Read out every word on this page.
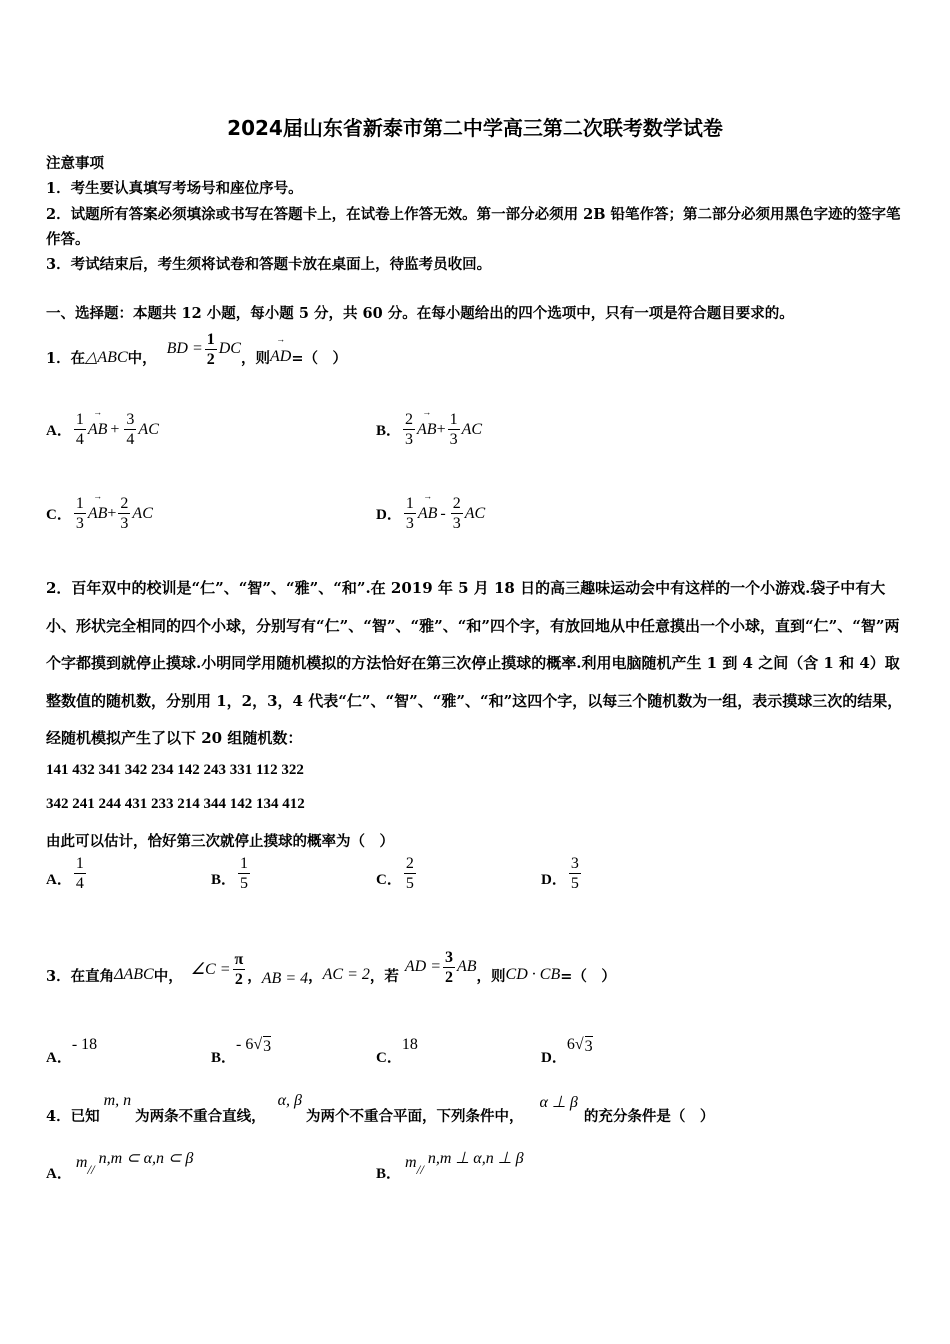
2024届山东省新泰市第二中学高三第二次联考数学试卷
注意事项
1．考生要认真填写考场号和座位序号。
2．试题所有答案必须填涂或书写在答题卡上，在试卷上作答无效。第一部分必须用 2B 铅笔作答；第二部分必须用黑色字迹的签字笔作答。
3．考试结束后，考生须将试卷和答题卡放在桌面上，待监考员收回。
一、选择题：本题共 12 小题，每小题 5 分，共 60 分。在每小题给出的四个选项中，只有一项是符合题目要求的。
1．在 △ABC 中，
BD = $\frac{1}{2}$ DC
，则 → AD =（　）
A． $\frac{1}{4}$ → AB + $\frac{3}{4}$ AC	B． $\frac{2}{3}$ → AB + $\frac{1}{3}$ AC
C． $\frac{1}{3}$ → AB + $\frac{2}{3}$ AC	D． $\frac{1}{3}$ → AB - $\frac{2}{3}$ AC
2．百年双中的校训是“仁”、“智”、“雅”、“和”.在 2019 年 5 月 18 日的高三趣味运动会中有这样的一个小游戏.袋子中有大小、形状完全相同的四个小球，分别写有“仁”、“智”、“雅”、“和”四个字，有放回地从中任意摸出一个小球，直到“仁”、“智”两个字都摸到就停止摸球.小明同学用随机模拟的方法恰好在第三次停止摸球的概率.利用电脑随机产生 1 到 4 之间（含 1 和 4）取整数值的随机数，分别用 1，2，3，4 代表“仁”、“智”、“雅”、“和”这四个字，以每三个随机数为一组，表示摸球三次的结果，经随机模拟产生了以下 20 组随机数：
141 432 341 342 234 142 243 331 112 322
342 241 244 431 233 214 344 142 134 412
由此可以估计，恰好第三次就停止摸球的概率为（　）
A． $\frac{1}{4}$	B． $\frac{1}{5}$	C． $\frac{2}{5}$	D． $\frac{3}{5}$
3．在直角 ΔABC 中， ∠C = $\frac{\pi}{2}$ ， AB = 4 ， AC = 2 ，若
AD = $\frac{3}{2}$ AB
，则 CD · CB =（　）
A．
- 18
B．
- 6 √ 3
C．
18
D．
6 √ 3
4．已知
m, n
为两条不重合直线，
α, β
为两个不重合平面，下列条件中，
α ⊥ β
的充分条件是（　）
A．
m //
n,m ⊂ α,n ⊂ β
B．
m //
n,m ⊥ α,n ⊥ β
